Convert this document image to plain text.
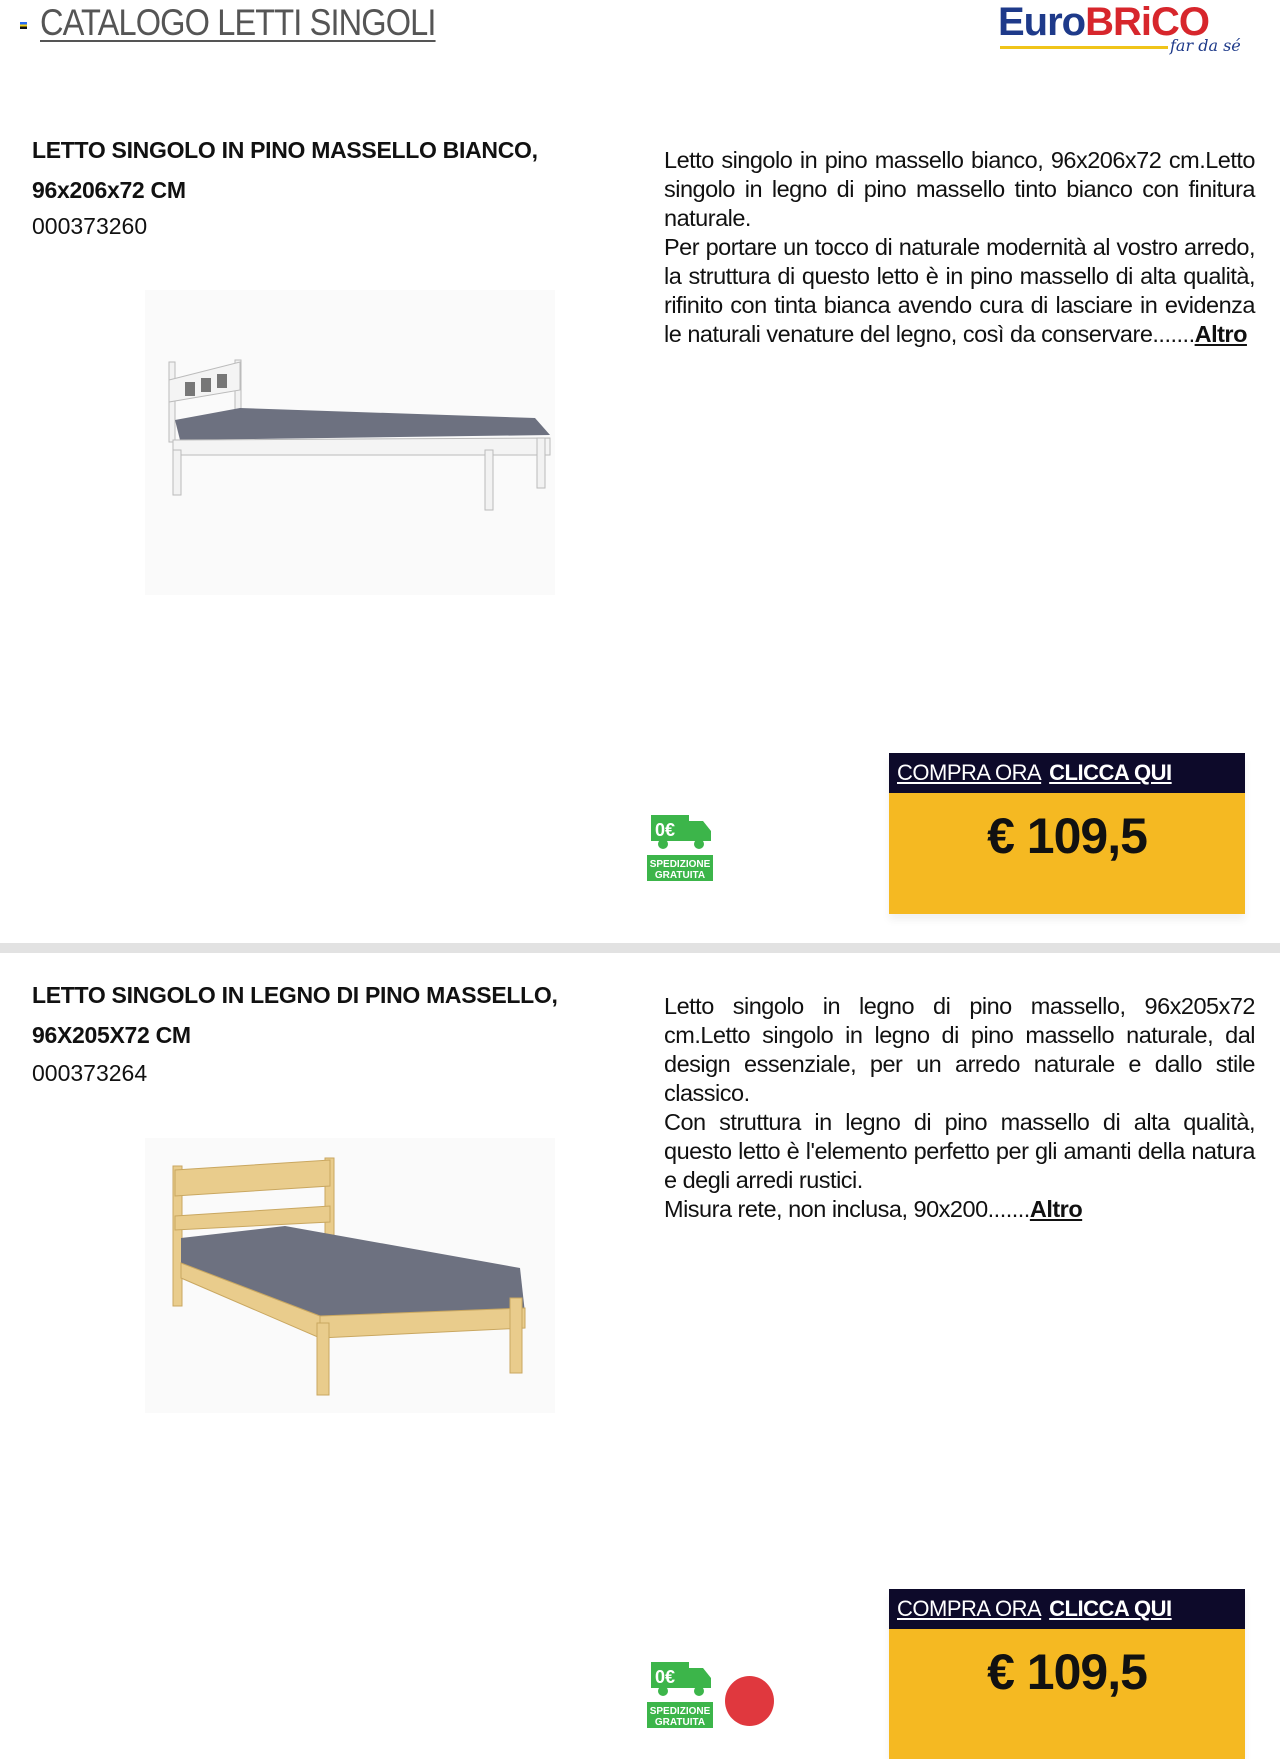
CATALOGO LETTI SINGOLI	EuroBRiCO
far da sé
LETTO SINGOLO IN PINO MASSELLO BIANCO,
96x206x72 CM
000373260

Letto singolo in pino massello bianco, 96x206x72 cm.Letto singolo in legno di pino massello tinto bianco con finitura naturale.

Per portare un tocco di naturale modernità al vostro arredo, la struttura di questo letto è in pino massello di alta qualità, rifinito con tinta bianca avendo cura di lasciare in evidenza le naturali venature del legno, così da conservare.......Altro

0€
SPEDIZIONE
GRATUITA
COMPRA ORA CLICCA QUI
€ 109,5
LETTO SINGOLO IN LEGNO DI PINO MASSELLO,
96X205X72 CM
000373264

Letto singolo in legno di pino massello, 96x205x72 cm.Letto singolo in legno di pino massello naturale, dal design essenziale, per un arredo naturale e dallo stile classico.

Con struttura in legno di pino massello di alta qualità, questo letto è l'elemento perfetto per gli amanti della natura e degli arredi rustici.

Misura rete, non inclusa, 90x200.......Altro

0€
SPEDIZIONE
GRATUITA
COMPRA ORA CLICCA QUI
€ 109,5
